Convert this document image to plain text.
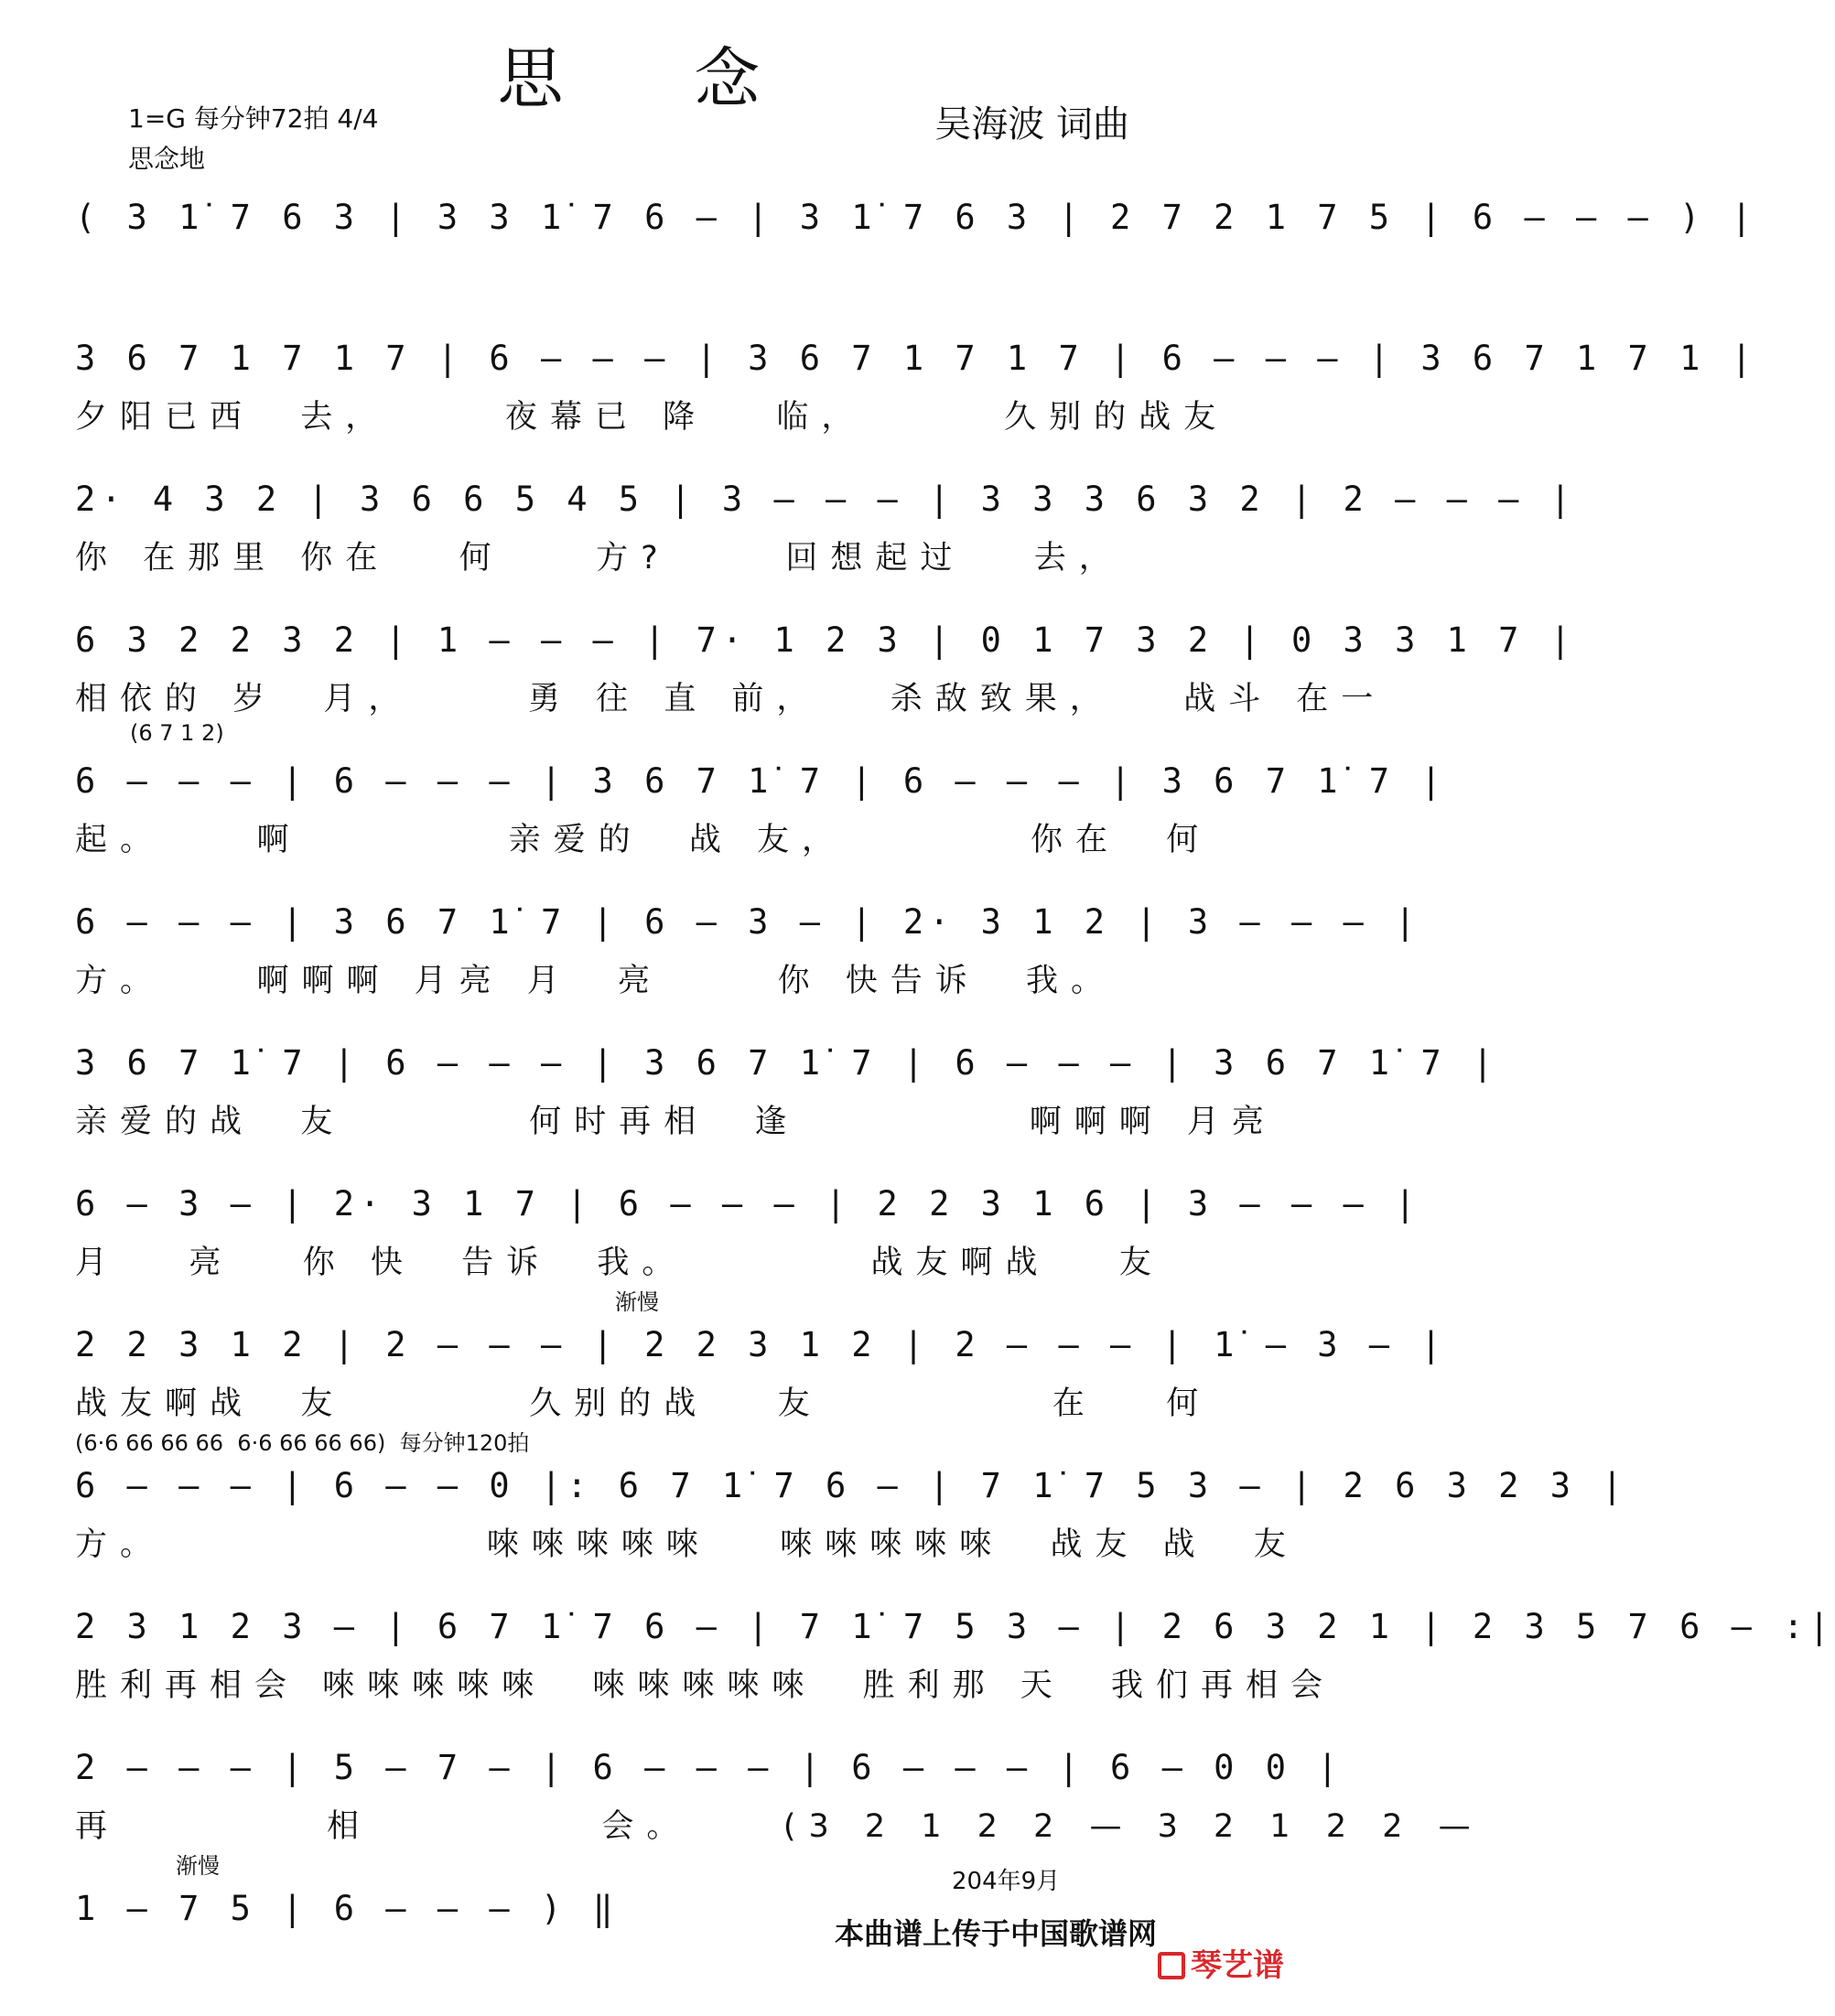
思 念
1=G 每分钟72拍 4/4
思念地
吴海波 词曲
( 3 1̇ 7 6 3 | 3 3 1̇ 7 6 — | 3 1̇ 7 6 3 | 2 7 2 1 7 5 | 6 — — — ) |
3 6 7 1 7 1 7 | 6 — — — | 3 6 7 1 7 1 7 | 6 — — — | 3 6 7 1 7 1 |
夕阳已西  去，     夜幕已 降   临，      久别的战友
2· 4 3 2 | 3 6 6 5 4 5 | 3 — — — | 3 3 3 6 3 2 | 2 — — — |
你 在那里 你在   何    方?     回想起过   去，
6 3 2 2 3 2 | 1 — — — | 7· 1 2 3 | 0 1 7 3 2 | 0 3 3 1 7 |
相依的 岁  月，     勇 往 直 前，   杀敌致果，   战斗 在一
(6 7 1 2)
6 — — — | 6 — — — | 3 6 7 1̇ 7 | 6 — — — | 3 6 7 1̇ 7 |
起。    啊         亲爱的  战 友，        你在  何
6 — — — | 3 6 7 1̇ 7 | 6 — 3 — | 2· 3 1 2 | 3 — — — |
方。    啊啊啊 月亮 月  亮     你 快告诉  我。
3 6 7 1̇ 7 | 6 — — — | 3 6 7 1̇ 7 | 6 — — — | 3 6 7 1̇ 7 |
亲爱的战  友        何时再相  逢          啊啊啊 月亮
6 — 3 — | 2· 3 1 7 | 6 — — — | 2 2 3 1 6 | 3 — — — |
月   亮   你 快  告诉  我。        战友啊战   友
渐慢
2 2 3 1 2 | 2 — — — | 2 2 3 1 2 | 2 — — — | 1̇ — 3 — |
战友啊战  友        久别的战   友          在   何
(6·6 66 66 66  6·6 66 66 66)  每分钟120拍
6 — — — | 6 — — 0 |: 6 7 1̇ 7 6 — | 7 1̇ 7 5 3 — | 2 6 3 2 3 |
方。              唻唻唻唻唻   唻唻唻唻唻  战友 战  友
2 3 1 2 3 — | 6 7 1̇ 7 6 — | 7 1̇ 7 5 3 — | 2 6 3 2 1 | 2 3 5 7 6 — :|
胜利再相会 唻唻唻唻唻  唻唻唻唻唻  胜利那 天  我们再相会
2 — — — | 5 — 7 — | 6 — — — | 6 — — — | 6 — 0 0 |
再         相          会。    (3 2 1 2 2 — 3 2 1 2 2 —
渐慢
1 — 7 5 | 6 — — — ) ‖
204年9月
本曲谱上传于中国歌谱网
琴艺谱
